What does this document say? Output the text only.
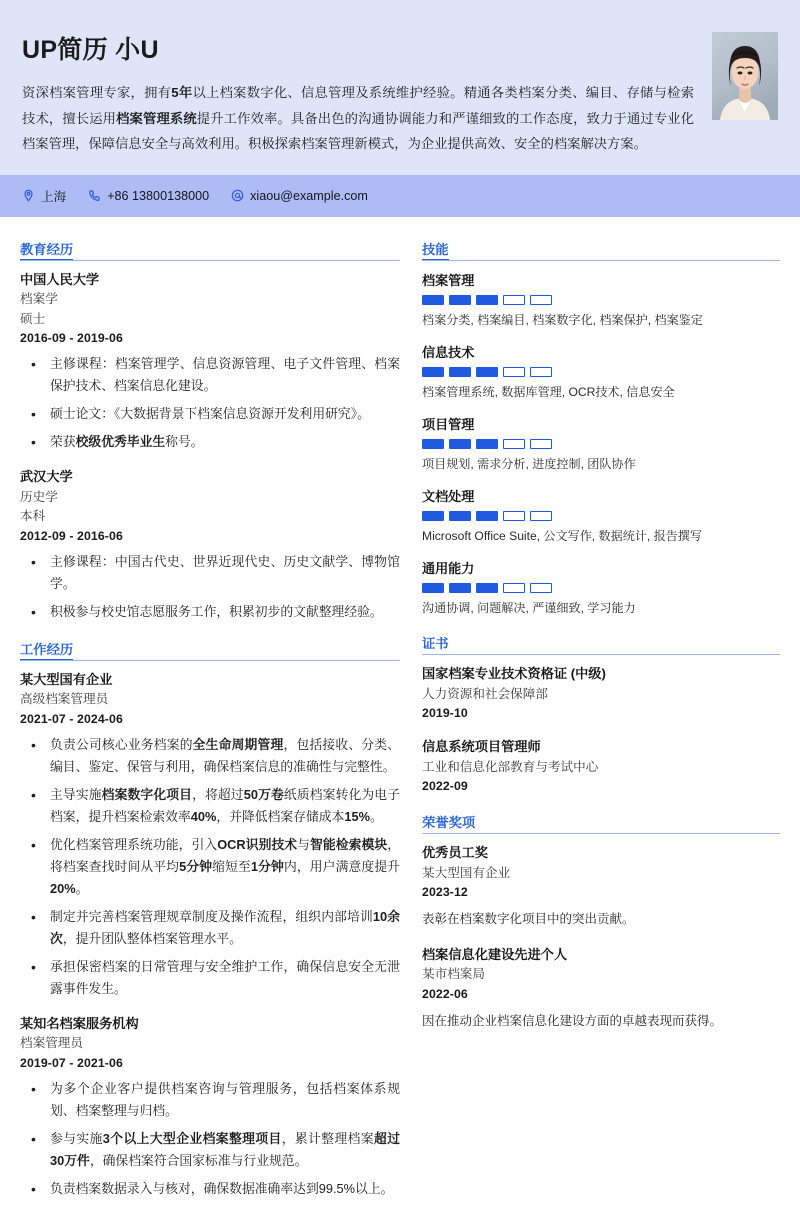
UP简历 小U
资深档案管理专家，拥有5年以上档案数字化、信息管理及系统维护经验。精通各类档案分类、编目、存储与检索技术，擅长运用档案管理系统提升工作效率。具备出色的沟通协调能力和严谨细致的工作态度，致力于通过专业化档案管理，保障信息安全与高效利用。积极探索档案管理新模式，为企业提供高效、安全的档案解决方案。
上海	+86 13800138000	xiaou@example.com
教育经历
中国人民大学
档案学
硕士
2016-09 - 2019-06
• 主修课程：档案管理学、信息资源管理、电子文件管理、档案保护技术、档案信息化建设。
• 硕士论文：《大数据背景下档案信息资源开发利用研究》。
• 荣获校级优秀毕业生称号。
武汉大学
历史学
本科
2012-09 - 2016-06
• 主修课程：中国古代史、世界近现代史、历史文献学、博物馆学。
• 积极参与校史馆志愿服务工作，积累初步的文献整理经验。
工作经历
某大型国有企业
高级档案管理员
2021-07 - 2024-06
• 负责公司核心业务档案的全生命周期管理，包括接收、分类、编目、鉴定、保管与利用，确保档案信息的准确性与完整性。
• 主导实施档案数字化项目，将超过50万卷纸质档案转化为电子档案，提升档案检索效率40%，并降低档案存储成本15%。
• 优化档案管理系统功能，引入OCR识别技术与智能检索模块，将档案查找时间从平均5分钟缩短至1分钟内，用户满意度提升20%。
• 制定并完善档案管理规章制度及操作流程，组织内部培训10余次，提升团队整体档案管理水平。
• 承担保密档案的日常管理与安全维护工作，确保信息安全无泄露事件发生。
某知名档案服务机构
档案管理员
2019-07 - 2021-06
• 为多个企业客户提供档案咨询与管理服务，包括档案体系规划、档案整理与归档。
• 参与实施3个以上大型企业档案整理项目，累计整理档案超过30万件，确保档案符合国家标准与行业规范。
• 负责档案数据录入与核对，确保数据准确率达到99.5%以上。
技能
档案管理
档案分类, 档案编目, 档案数字化, 档案保护, 档案鉴定
信息技术
档案管理系统, 数据库管理, OCR技术, 信息安全
项目管理
项目规划, 需求分析, 进度控制, 团队协作
文档处理
Microsoft Office Suite, 公文写作, 数据统计, 报告撰写
通用能力
沟通协调, 问题解决, 严谨细致, 学习能力
证书
国家档案专业技术资格证 (中级)
人力资源和社会保障部
2019-10
信息系统项目管理师
工业和信息化部教育与考试中心
2022-09
荣誉奖项
优秀员工奖
某大型国有企业
2023-12
表彰在档案数字化项目中的突出贡献。
档案信息化建设先进个人
某市档案局
2022-06
因在推动企业档案信息化建设方面的卓越表现而获得。
